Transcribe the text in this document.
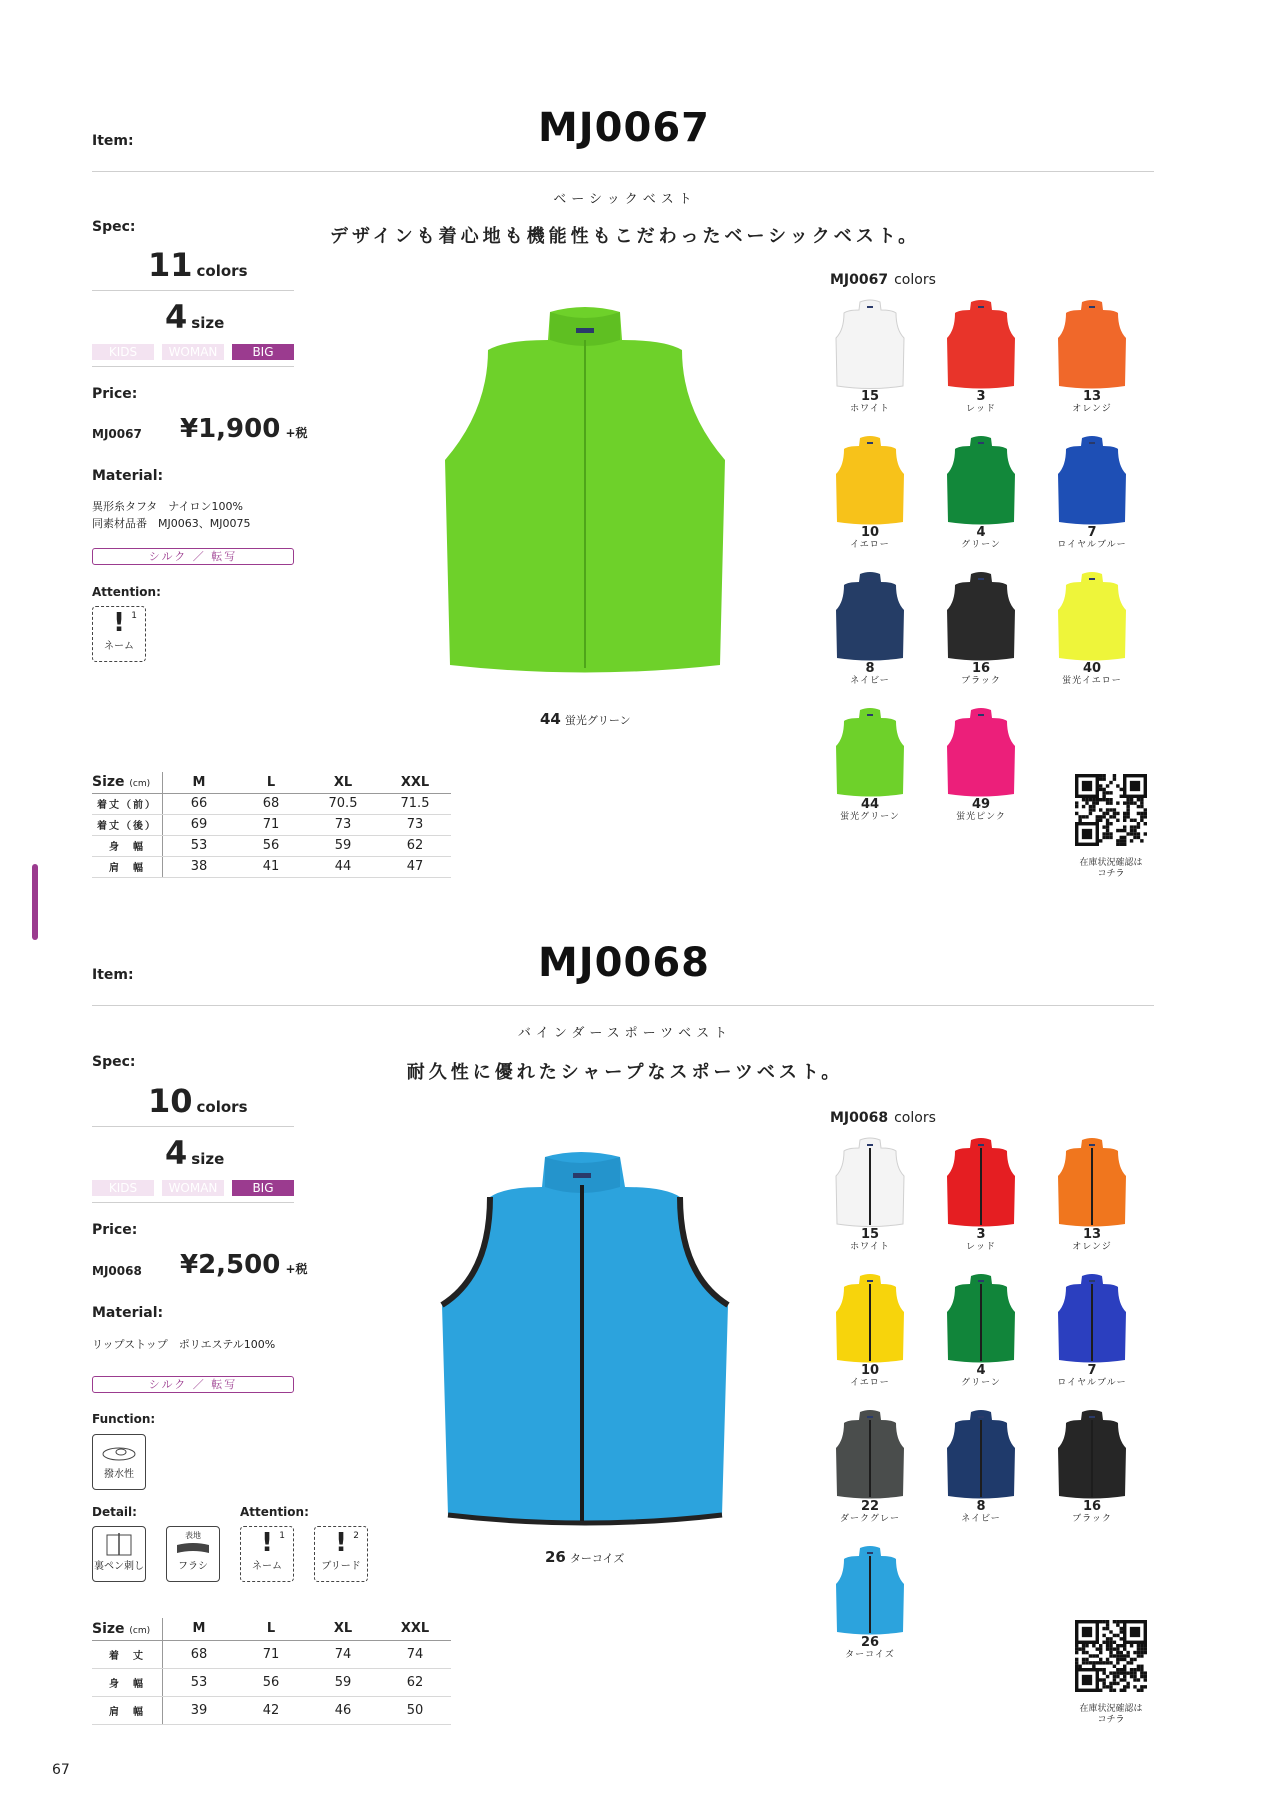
Item:	MJ0067
ベーシックベスト
デザインも着心地も機能性もこだわったベーシックベスト。
Spec:
11 colors
4 size
KIDS	WOMAN	BIG
Price:
MJ0067 ¥1,900 +税
Material:
異形糸タフタ　ナイロン100%
同素材品番　MJ0063、MJ0075
シルク ／ 転写
Attention:
! 1
ネーム
44 蛍光グリーン
MJ0067 colors
15
ホワイト
3
レッド
13
オレンジ
10
イエロー
4
グリーン
7
ロイヤルブルー
8
ネイビー
16
ブラック
40
蛍光イエロー
44
蛍光グリーン
49
蛍光ピンク
在庫状況確認は
コチラ
Size (cm)	M	L	XL	XXL
着丈（前）	66	68	70.5	71.5
着丈（後）	69	71	73	73
身　幅	53	56	59	62
肩　幅	38	41	44	47
Item:	MJ0068
バインダースポーツベスト
耐久性に優れたシャープなスポーツベスト。
Spec:
10 colors
4 size
KIDS	WOMAN	BIG
Price:
MJ0068 ¥2,500 +税
Material:
リップストップ　ポリエステル100%
シルク ／ 転写
Function:
撥水性
Detail:
裏ペン刺し
表地
フラシ
Attention:
! 1
ネーム
! 2
ブリード
26 ターコイズ
MJ0068 colors
15
ホワイト
3
レッド
13
オレンジ
10
イエロー
4
グリーン
7
ロイヤルブルー
22
ダークグレー
8
ネイビー
16
ブラック
26
ターコイズ
在庫状況確認は
コチラ
Size (cm)	M	L	XL	XXL
着　丈	68	71	74	74
身　幅	53	56	59	62
肩　幅	39	42	46	50
67
